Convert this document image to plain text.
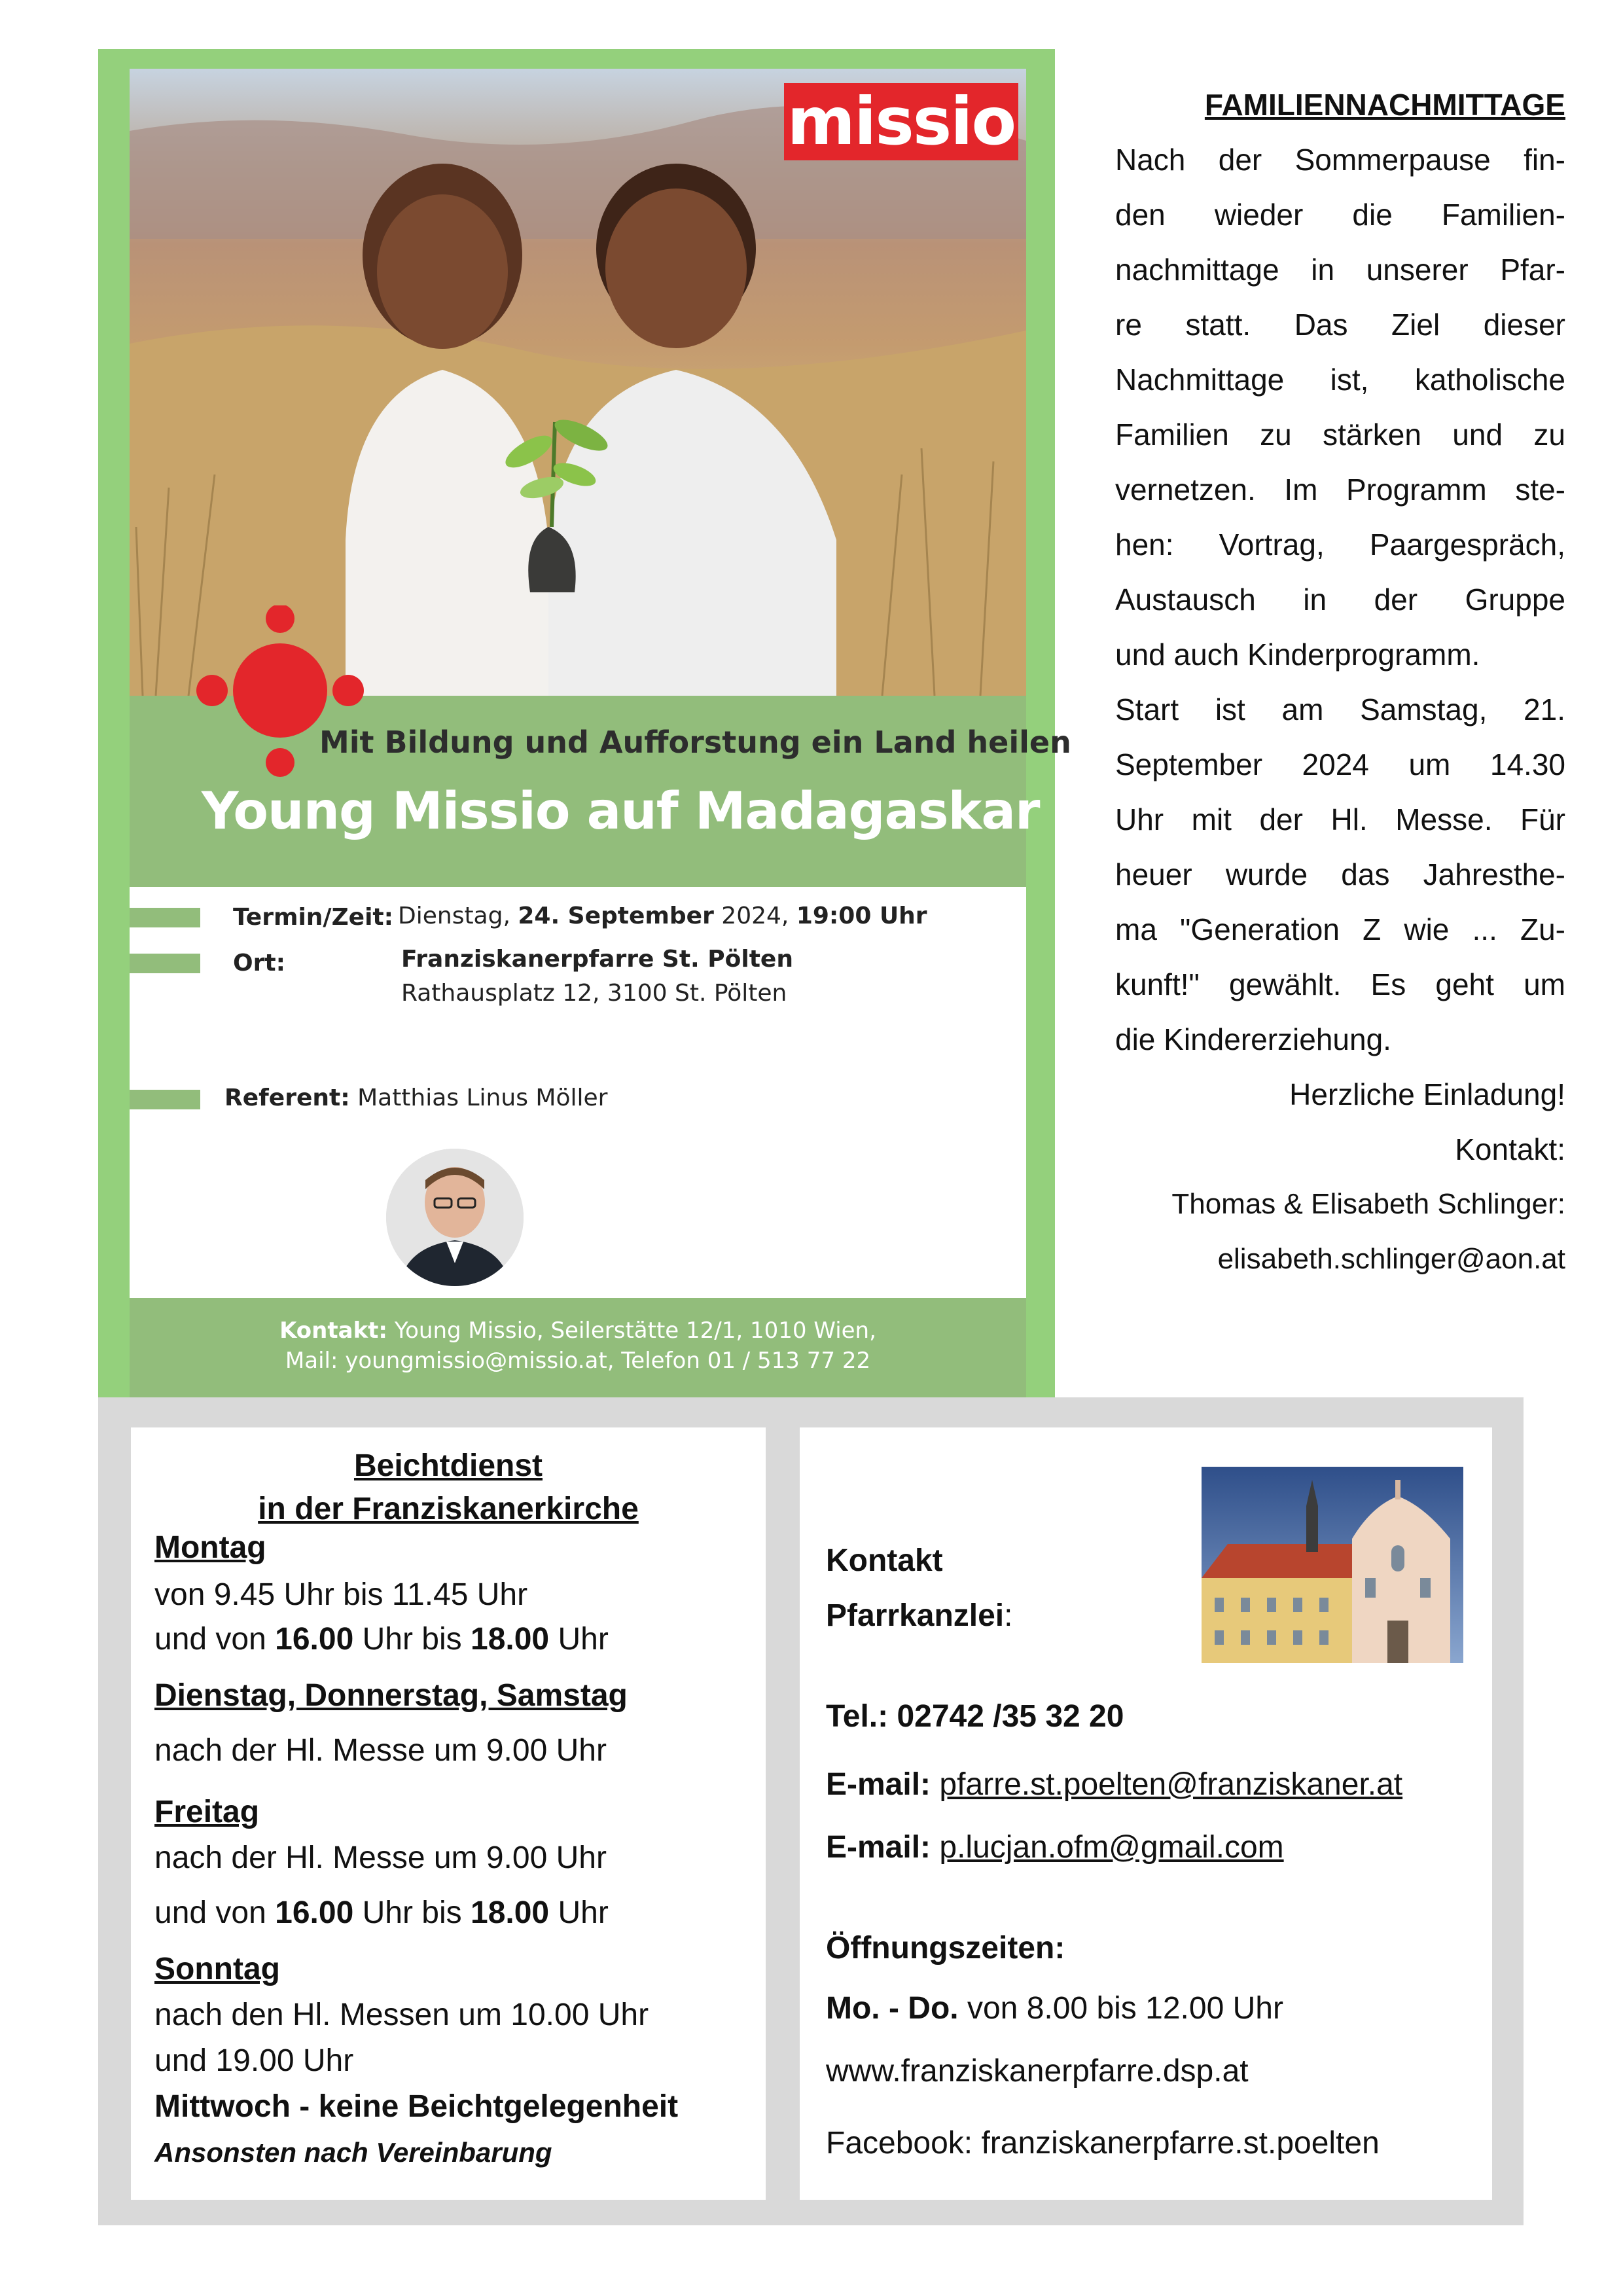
missio
Mit Bildung und Aufforstung ein Land heilen
Young Missio auf Madagaskar
Termin/Zeit: Dienstag, 24. September 2024, 19:00 Uhr
Ort:	Franziskanerpfarre St. Pölten
Rathausplatz 12, 3100 St. Pölten
Referent: Matthias Linus Möller
Kontakt: Young Missio, Seilerstätte 12/1, 1010 Wien,
Mail: youngmissio@missio.at, Telefon 01 / 513 77 22
FAMILIENNACHMITTAGE

Nach der Sommerpause fin-

den wieder die Familien-

nachmittage in unserer Pfar-

re statt. Das Ziel dieser

Nachmittage ist, katholische

Familien zu stärken und zu

vernetzen. Im Programm ste-

hen: Vortrag, Paargespräch,

Austausch in der Gruppe

und auch Kinderprogramm.

Start ist am Samstag, 21.

September 2024 um 14.30

Uhr mit der Hl. Messe. Für

heuer wurde das Jahresthe-

ma "Generation Z wie ... Zu-

kunft!" gewählt. Es geht um

die Kindererziehung.

Herzliche Einladung!
Kontakt:
Thomas & Elisabeth Schlinger:
elisabeth.schlinger@aon.at
Beichtdienst
in der Franziskanerkirche
Montag
von 9.45 Uhr bis 11.45 Uhr
und von 16.00 Uhr bis 18.00 Uhr
Dienstag, Donnerstag, Samstag
nach der Hl. Messe um 9.00 Uhr
Freitag
nach der Hl. Messe um 9.00 Uhr
und von 16.00 Uhr bis 18.00 Uhr
Sonntag
nach den Hl. Messen um 10.00 Uhr
und 19.00 Uhr
Mittwoch - keine Beichtgelegenheit
Ansonsten nach Vereinbarung
Kontakt
Pfarrkanzlei:
Tel.: 02742 /35 32 20
E-mail: pfarre.st.poelten@franziskaner.at
E-mail: p.lucjan.ofm@gmail.com
Öffnungszeiten:
Mo. - Do. von 8.00 bis 12.00 Uhr
www.franziskanerpfarre.dsp.at
Facebook: franziskanerpfarre.st.poelten
